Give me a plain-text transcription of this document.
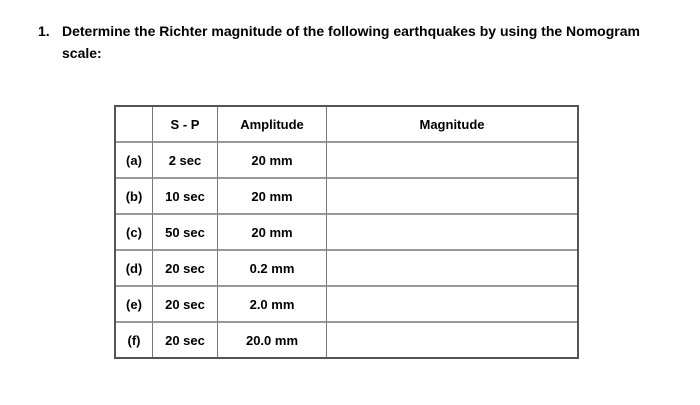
1. Determine the Richter magnitude of the following earthquakes by using the Nomogram
scale:
	S - P	Amplitude	Magnitude
(a)	2 sec	20 mm	
(b)	10 sec	20 mm	
(c)	50 sec	20 mm	
(d)	20 sec	0.2 mm	
(e)	20 sec	2.0 mm	
(f)	20 sec	20.0 mm	
